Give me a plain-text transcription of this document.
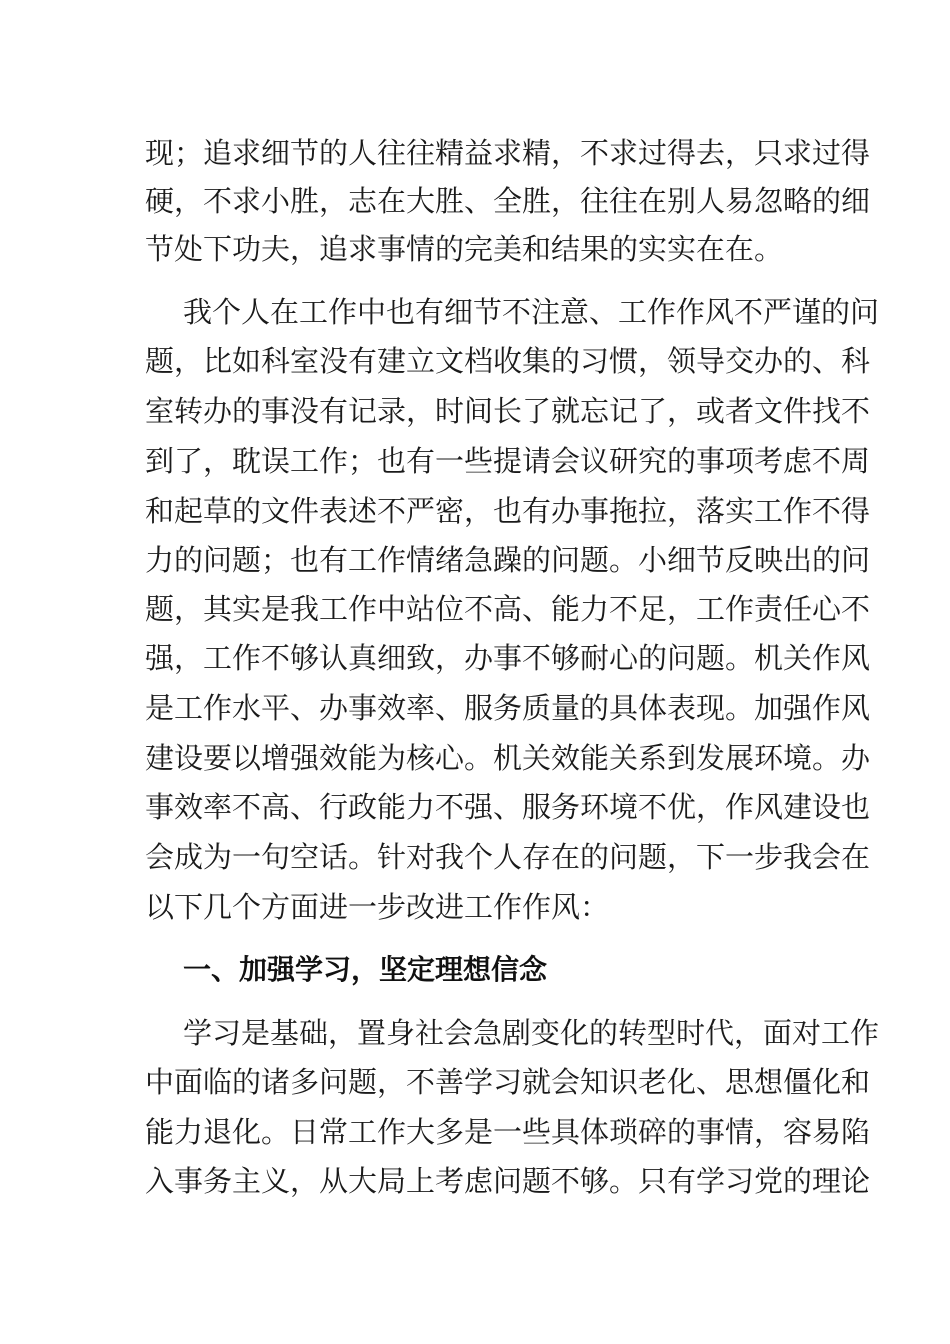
现；追求细节的人往往精益求精，不求过得去，只求过得
硬，不求小胜，志在大胜、全胜，往往在别人易忽略的细
节处下功夫，追求事情的完美和结果的实实在在。
我个人在工作中也有细节不注意、工作作风不严谨的问
题，比如科室没有建立文档收集的习惯，领导交办的、科
室转办的事没有记录，时间长了就忘记了，或者文件找不
到了，耽误工作；也有一些提请会议研究的事项考虑不周
和起草的文件表述不严密，也有办事拖拉，落实工作不得
力的问题；也有工作情绪急躁的问题。小细节反映出的问
题，其实是我工作中站位不高、能力不足，工作责任心不
强，工作不够认真细致，办事不够耐心的问题。机关作风
是工作水平、办事效率、服务质量的具体表现。加强作风
建设要以增强效能为核心。机关效能关系到发展环境。办
事效率不高、行政能力不强、服务环境不优，作风建设也
会成为一句空话。针对我个人存在的问题，下一步我会在
以下几个方面进一步改进工作作风：
一、加强学习，坚定理想信念
学习是基础，置身社会急剧变化的转型时代，面对工作
中面临的诸多问题，不善学习就会知识老化、思想僵化和
能力退化。日常工作大多是一些具体琐碎的事情，容易陷
入事务主义，从大局上考虑问题不够。只有学习党的理论
